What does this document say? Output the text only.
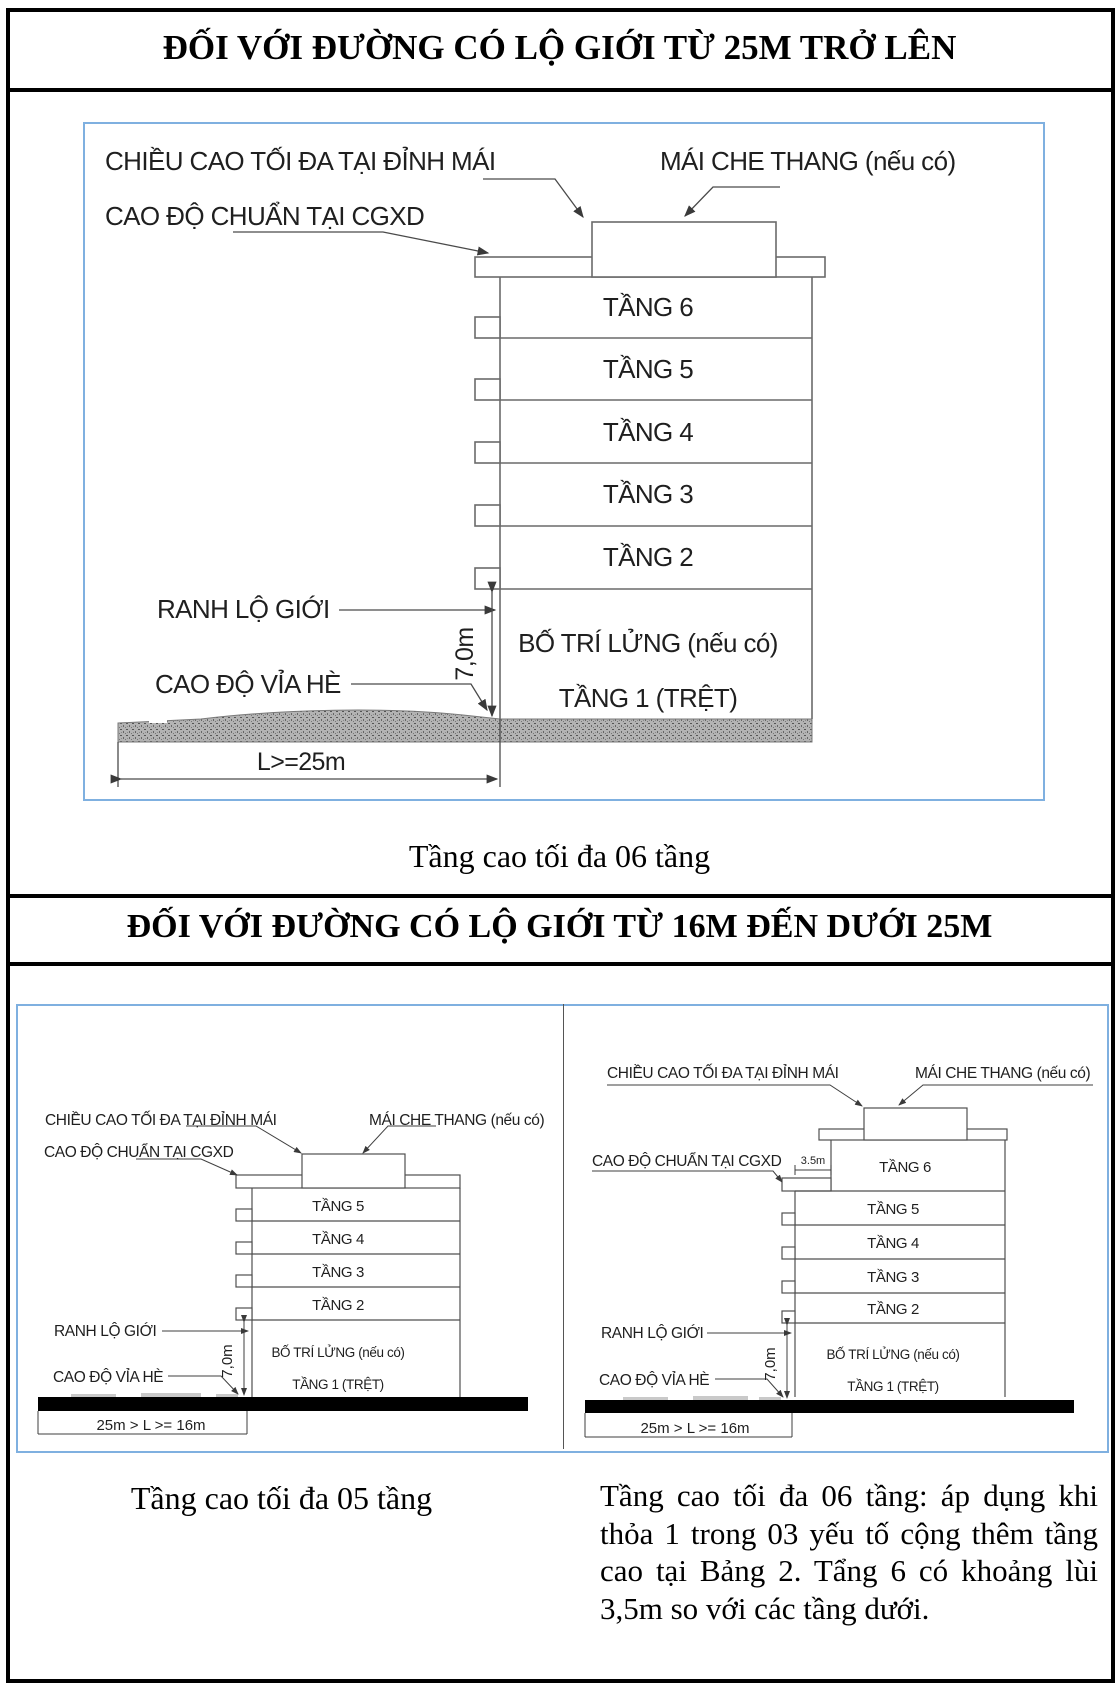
ĐỐI VỚI ĐƯỜNG CÓ LỘ GIỚI TỪ 25M TRỞ LÊN
CHIỀU CAO TỐI ĐA TẠI ĐỈNH MÁI	MÁI CHE THANG (nếu có)
CAO ĐỘ CHUẨN TẠI CGXD
RANH LỘ GIỚI
CAO ĐỘ VỈA HÈ
TẦNG 6
TẦNG 5
TẦNG 4
TẦNG 3
TẦNG 2
BỐ TRÍ LỬNG (nếu có)
TẦNG 1 (TRỆT)
7,0m
L>=25m
Tầng cao tối đa 06 tầng
ĐỐI VỚI ĐƯỜNG CÓ LỘ GIỚI TỪ 16M ĐẾN DƯỚI 25M
CHIỀU CAO TỐI ĐA TẠI ĐỈNH MÁI	MÁI CHE THANG (nếu có)
CAO ĐỘ CHUẨN TẠI CGXD
RANH LỘ GIỚI
CAO ĐỘ VỈA HÈ
TẦNG 5
TẦNG 4
TẦNG 3
TẦNG 2
BỐ TRÍ LỬNG (nếu có)
TẦNG 1 (TRỆT)
7,0m
25m > L >= 16m
CHIỀU CAO TỐI ĐA TẠI ĐỈNH MÁI	MÁI CHE THANG (nếu có)
CAO ĐỘ CHUẨN TẠI CGXD 3.5m
RANH LỘ GIỚI
CAO ĐỘ VỈA HÈ
TẦNG 6
TẦNG 5
TẦNG 4
TẦNG 3
TẦNG 2
BỐ TRÍ LỬNG (nếu có)
TẦNG 1 (TRỆT)
7,0m
25m > L >= 16m
Tầng cao tối đa 05 tầng	Tầng cao tối đa 06 tầng: áp dụng khi thỏa 1 trong 03 yếu tố cộng thêm tầng cao tại Bảng 2. Tẩng 6 có khoảng lùi 3,5m so với các tầng dưới.
